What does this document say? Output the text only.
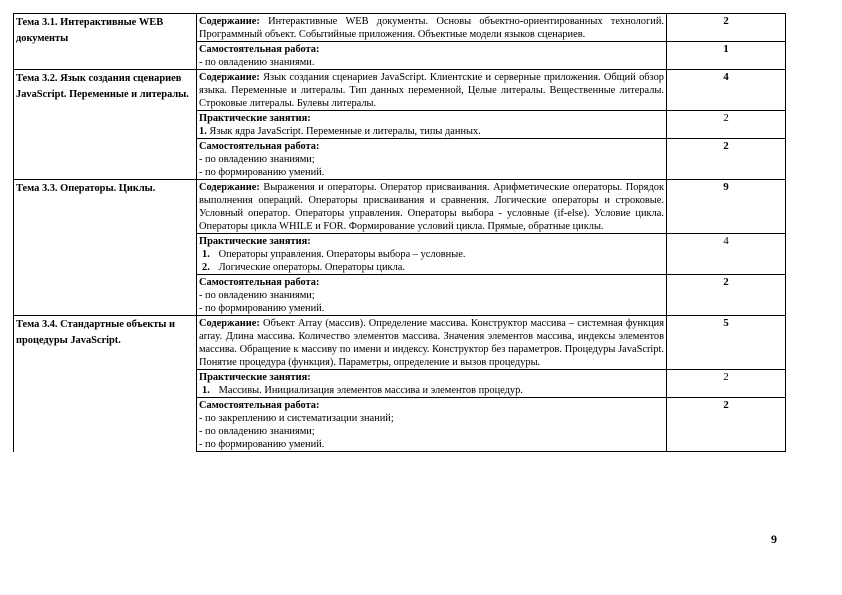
Тема 3.1. Интерактивные WEB документы	Содержание: Интерактивные WEB документы. Основы объектно-ориентированных технологий. Программный объект. Событийные приложения. Объектные модели языков сценариев.	2

	Самостоятельная работа:
- по овладению знаниями.	1
Тема 3.2. Язык создания сценариев JavaScript. Переменные и литералы.	Содержание: Язык создания сценариев JavaScript. Клиентские и серверные приложения. Общий обзор языка. Переменные и литералы. Тип данных переменной, Целые литералы. Вещественные литералы. Строковые литералы. Булевы литералы.	4

	Практические занятия:
1. Язык ядра JavaScript. Переменные и литералы, типы данных.	2

	Самостоятельная работа:
- по овладению знаниями;
- по формированию умений.	2
Тема 3.3. Операторы. Циклы.	Содержание: Выражения и операторы. Оператор присваивания. Арифметические операторы. Порядок выполнения операций. Операторы присваивания и сравнения. Логические операторы и строковые. Условный оператор. Операторы управления. Операторы выбора - условные (if-else). Условие цикла. Операторы цикла WHILE и FOR. Формирование условий цикла. Прямые, обратные циклы.	9

	Практические занятия:
1. Операторы управления. Операторы выбора – условные.
2. Логические операторы. Операторы цикла.	4

	Самостоятельная работа:
- по овладению знаниями;
- по формированию умений.	2
Тема 3.4. Стандартные объекты и процедуры JavaScript.	Содержание: Объект Array (массив). Определение массива. Конструктор массива – системная функция array. Длина массива. Количество элементов массива. Значения элементов массива, индексы элементов массива. Обращение к массиву по имени и индексу. Конструктор без параметров. Процедуры JavaScript. Понятие процедура (функция). Параметры, определение и вызов процедуры.	5

	Практические занятия:
1. Массивы. Инициализация элементов массива и элементов процедур.	2

	Самостоятельная работа:
- по закреплению и систематизации знаний;
- по овладению знаниями;
- по формированию умений.	2
9
